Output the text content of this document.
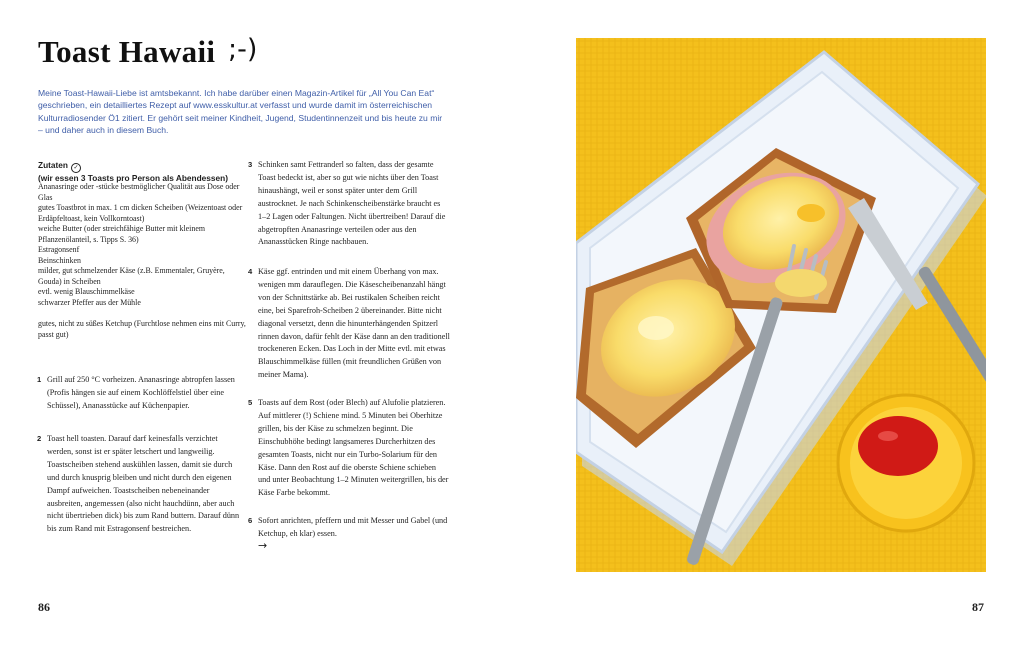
Toast Hawaii ;-)

Meine Toast-Hawaii-Liebe ist amtsbekannt. Ich habe darüber einen Magazin-Artikel für „All You Can Eat“ geschrieben, ein detailliertes Rezept auf www.esskultur.at verfasst und wurde damit im österreichischen Kulturradiosender Ö1 zitiert. Er gehört seit meiner Kindheit, Jugend, Studentinnenzeit und bis heute zu mir – und daher auch in diesem Buch.

Zutaten ✓
(wir essen 3 Toasts pro Person als Abendessen)
Ananasringe oder -stücke bestmöglicher Qualität aus Dose oder Glas
gutes Toastbrot in max. 1 cm dicken Scheiben (Weizentoast oder Erdäpfeltoast, kein Vollkorntoast)
weiche Butter (oder streichfähige Butter mit kleinem Pflanzenölanteil, s. Tipps S. 36)
Estragonsenf
Beinschinken
milder, gut schmelzender Käse (z.B. Emmentaler, Gruyère, Gouda) in Scheiben
evtl. wenig Blauschimmelkäse
schwarzer Pfeffer aus der Mühle
gutes, nicht zu süßes Ketchup (Furchtlose nehmen eins mit Curry, passt gut)
1 Grill auf 250 °C vorheizen. Ananasringe abtropfen lassen (Profis hängen sie auf einem Kochlöffelstiel über eine Schüssel), Ananasstücke auf Küchenpapier.

2 Toast hell toasten. Darauf darf keinesfalls verzichtet werden, sonst ist er später letschert und langweilig. Toastscheiben stehend auskühlen lassen, damit sie durch und durch knusprig bleiben und nicht durch den eigenen Dampf aufweichen. Toastscheiben nebeneinander ausbreiten, angemessen (also nicht hauchdünn, aber auch nicht übertrieben dick) bis zum Rand buttern. Darauf dünn bis zum Rand mit Estragonsenf bestreichen.

3 Schinken samt Fettranderl so falten, dass der gesamte Toast bedeckt ist, aber so gut wie nichts über den Toast hinaushängt, weil er sonst später unter dem Grill austrocknet. Je nach Schinkenscheibenstärke braucht es 1–2 Lagen oder Faltungen. Nicht übertreiben! Darauf die abgetropften Ananasringe verteilen oder aus den Ananasstücken Ringe nachbauen.

4 Käse ggf. entrinden und mit einem Überhang von max. wenigen mm darauflegen. Die Käsescheibenanzahl hängt von der Schnittstärke ab. Bei rustikalen Scheiben reicht eine, bei Sparefroh-Scheiben 2 übereinander. Bitte nicht diagonal versetzt, denn die hinunterhängenden Spitzerl rinnen davon, dafür fehlt der Käse dann an den traditionell trockeneren Ecken. Das Loch in der Mitte evtl. mit etwas Blauschimmelkäse füllen (mit freundlichen Grüßen von meiner Mama).

5 Toasts auf dem Rost (oder Blech) auf Alufolie platzieren. Auf mittlerer (!) Schiene mind. 5 Minuten bei Oberhitze grillen, bis der Käse zu schmelzen beginnt. Die Einschubhöhe bedingt langsameres Durcherhitzen des gesamten Toasts, nicht nur ein Turbo-Solarium für den Käse. Dann den Rost auf die oberste Schiene schieben und unter Beobachtung 1–2 Minuten weitergrillen, bis der Käse Farbe bekommt.

6 Sofort anrichten, pfeffern und mit Messer und Gabel (und Ketchup, eh klar) essen.

→
86	87
